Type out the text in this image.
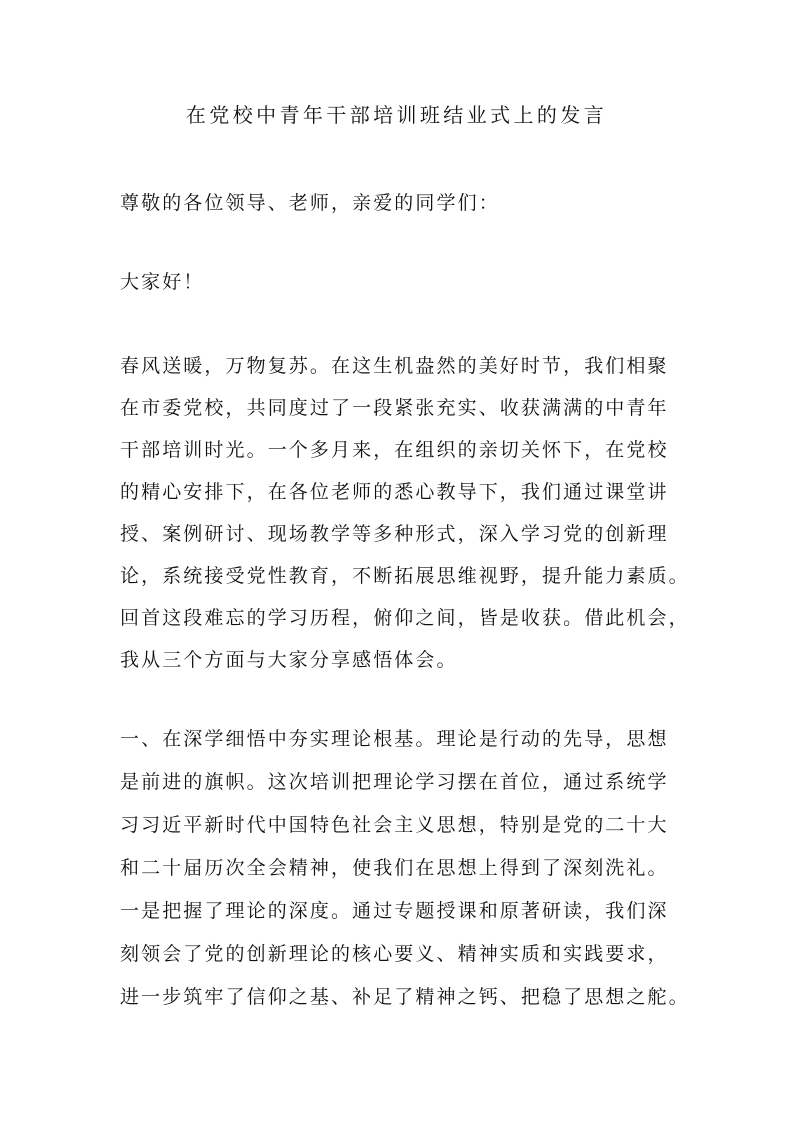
在党校中青年干部培训班结业式上的发言
尊敬的各位领导、老师，亲爱的同学们：
大家好！
春风送暖，万物复苏。在这生机盎然的美好时节，我们相聚
在市委党校，共同度过了一段紧张充实、收获满满的中青年
干部培训时光。一个多月来，在组织的亲切关怀下，在党校
的精心安排下，在各位老师的悉心教导下，我们通过课堂讲
授、案例研讨、现场教学等多种形式，深入学习党的创新理
论，系统接受党性教育，不断拓展思维视野，提升能力素质。
回首这段难忘的学习历程，俯仰之间，皆是收获。借此机会，
我从三个方面与大家分享感悟体会。
一、在深学细悟中夯实理论根基。理论是行动的先导，思想
是前进的旗帜。这次培训把理论学习摆在首位，通过系统学
习习近平新时代中国特色社会主义思想，特别是党的二十大
和二十届历次全会精神，使我们在思想上得到了深刻洗礼。
一是把握了理论的深度。通过专题授课和原著研读，我们深
刻领会了党的创新理论的核心要义、精神实质和实践要求，
进一步筑牢了信仰之基、补足了精神之钙、把稳了思想之舵。
